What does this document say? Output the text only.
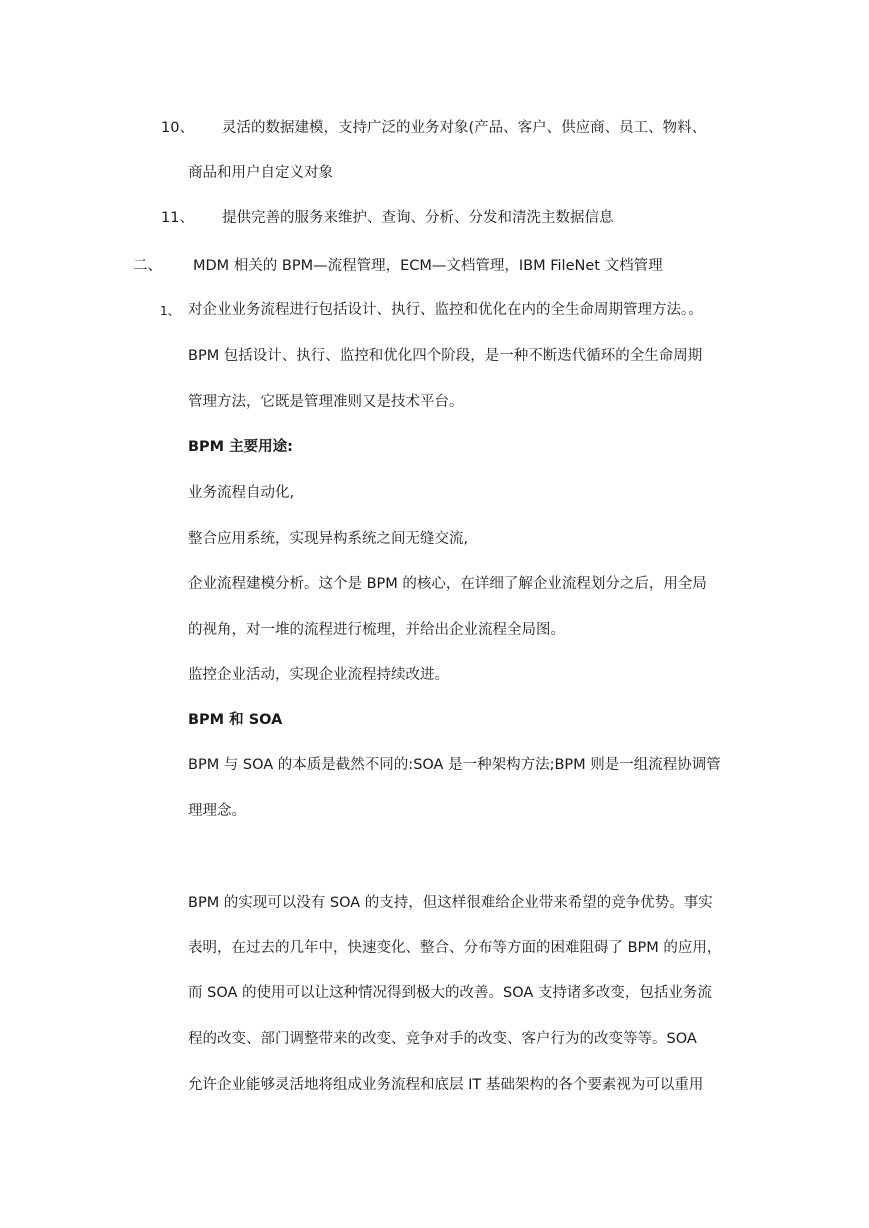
10、 灵活的数据建模，支持广泛的业务对象(产品、客户、供应商、员工、物料、
商品和用户自定义对象
11、 提供完善的服务来维护、查询、分析、分发和清洗主数据信息
二、 MDM 相关的 BPM—流程管理，ECM—文档管理，IBM FileNet 文档管理
1、 对企业业务流程进行包括设计、执行、监控和优化在内的全生命周期管理方法。。
BPM 包括设计、执行、监控和优化四个阶段，是一种不断迭代循环的全生命周期
管理方法，它既是管理准则又是技术平台。
BPM 主要用途:
业务流程自动化,
整合应用系统，实现异构系统之间无缝交流,
企业流程建模分析。这个是 BPM 的核心，在详细了解企业流程划分之后，用全局
的视角，对一堆的流程进行梳理，并给出企业流程全局图。
监控企业活动，实现企业流程持续改进。
BPM 和 SOA
BPM 与 SOA 的本质是截然不同的:SOA 是一种架构方法;BPM 则是一组流程协调管
理理念。
BPM 的实现可以没有 SOA 的支持，但这样很难给企业带来希望的竞争优势。事实
表明，在过去的几年中，快速变化、整合、分布等方面的困难阻碍了 BPM 的应用，
而 SOA 的使用可以让这种情况得到极大的改善。SOA 支持诸多改变，包括业务流
程的改变、部门调整带来的改变、竞争对手的改变、客户行为的改变等等。SOA
允许企业能够灵活地将组成业务流程和底层 IT 基础架构的各个要素视为可以重用
